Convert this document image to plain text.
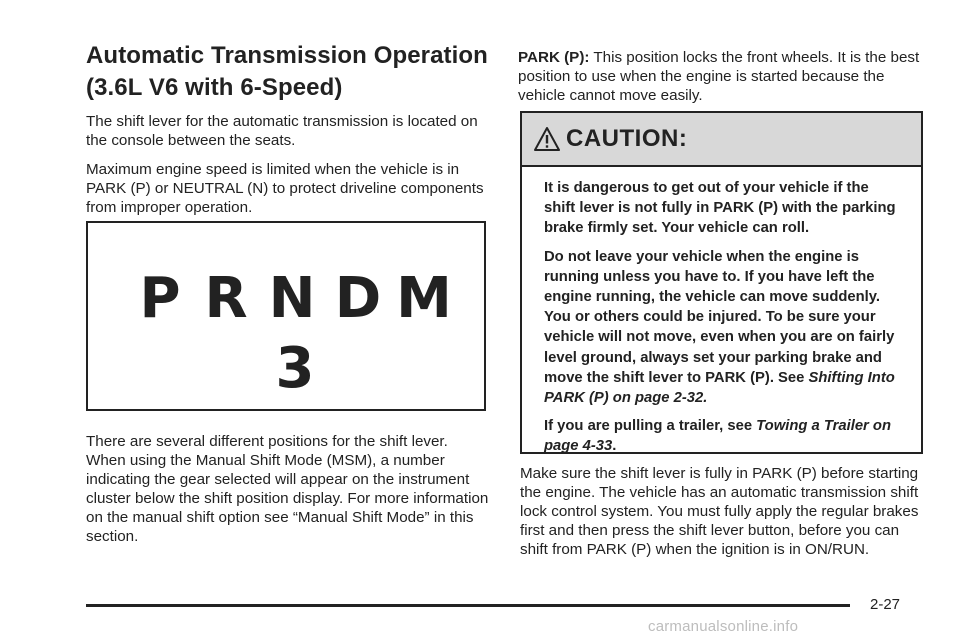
Automatic Transmission Operation
(3.6L V6 with 6-Speed)

The shift lever for the automatic transmission is located on the console between the seats.

Maximum engine speed is limited when the vehicle is in PARK (P) or NEUTRAL (N) to protect driveline components from improper operation.

P R N D M
3

There are several different positions for the shift lever. When using the Manual Shift Mode (MSM), a number indicating the gear selected will appear on the instrument cluster below the shift position display. For more information on the manual shift option see “Manual Shift Mode” in this section.

PARK (P): This position locks the front wheels. It is the best position to use when the engine is started because the vehicle cannot move easily.

CAUTION:

It is dangerous to get out of your vehicle if the shift lever is not fully in PARK (P) with the parking brake firmly set. Your vehicle can roll.

Do not leave your vehicle when the engine is running unless you have to. If you have left the engine running, the vehicle can move suddenly. You or others could be injured. To be sure your vehicle will not move, even when you are on fairly level ground, always set your parking brake and move the shift lever to PARK (P). See Shifting Into PARK (P) on page 2-32.

If you are pulling a trailer, see Towing a Trailer on page 4-33.

Make sure the shift lever is fully in PARK (P) before starting the engine. The vehicle has an automatic transmission shift lock control system. You must fully apply the regular brakes first and then press the shift lever button, before you can shift from PARK (P) when the ignition is in ON/RUN.

2-27
carmanualsonline.info
